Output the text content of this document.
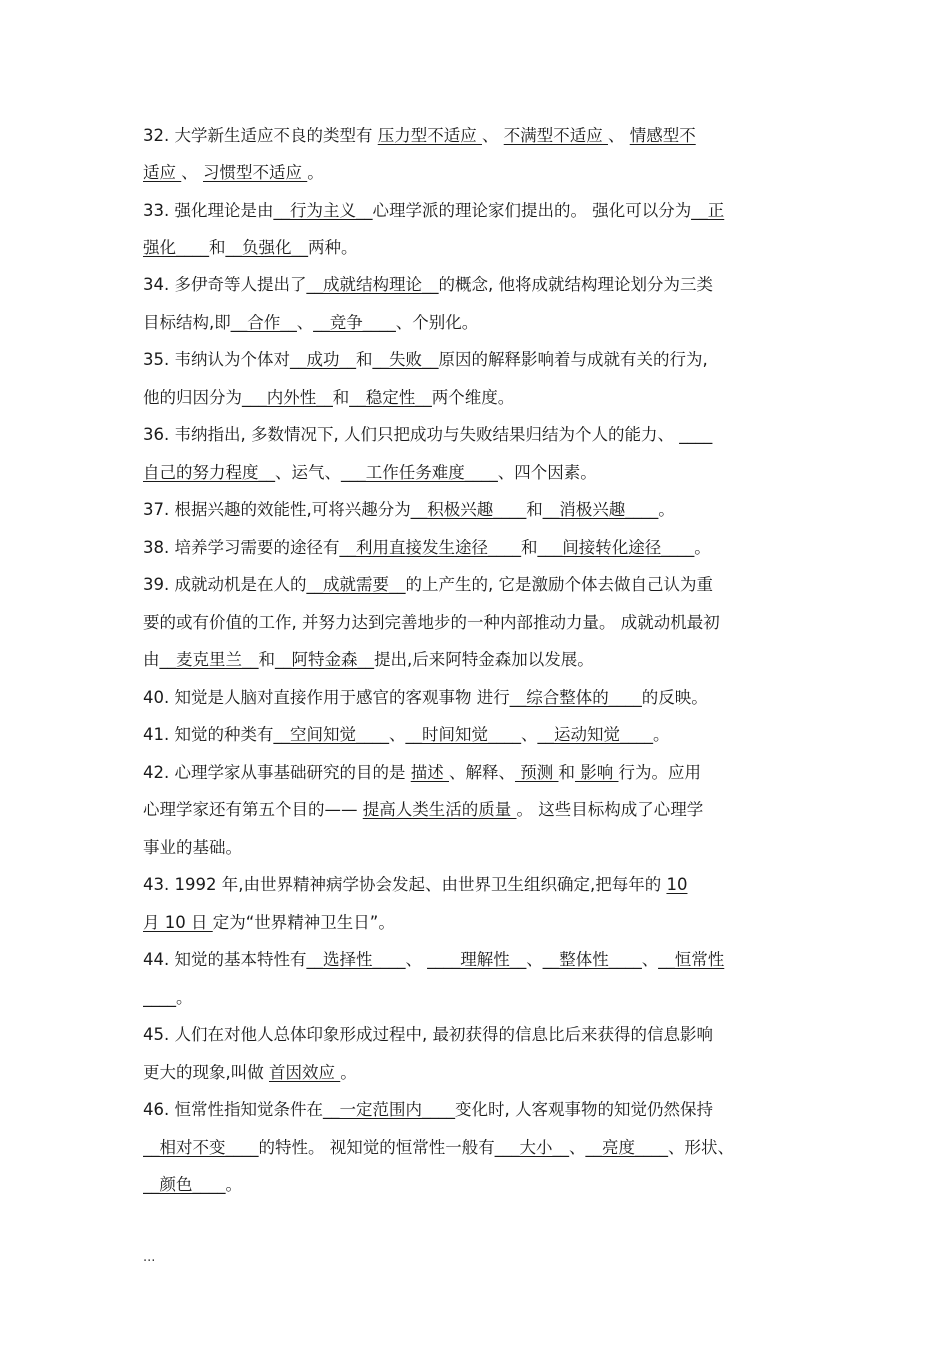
32. 大学新生适应不良的类型有 压力型不适应 、 不满型不适应 、 情感型不
适应 、 习惯型不适应 。
33. 强化理论是由__行为主义__心理学派的理论家们提出的。 强化可以分为__正
强化____和__负强化__两种。
34. 多伊奇等人提出了__成就结构理论__的概念, 他将成就结构理论划分为三类
目标结构,即__合作__、__竞争____、个别化。
35. 韦纳认为个体对__成功__和__失败__原因的解释影响着与成就有关的行为,
他的归因分为___内外性__和__稳定性__两个维度。
36. 韦纳指出, 多数情况下, 人们只把成功与失败结果归结为个人的能力、 ____
自己的努力程度__、运气、___工作任务难度____、四个因素。
37. 根据兴趣的效能性,可将兴趣分为__积极兴趣____和__消极兴趣____。
38. 培养学习需要的途径有__利用直接发生途径____和___间接转化途径____。
39. 成就动机是在人的__成就需要__的上产生的, 它是激励个体去做自己认为重
要的或有价值的工作, 并努力达到完善地步的一种内部推动力量。 成就动机最初
由__麦克里兰__和__阿特金森__提出,后来阿特金森加以发展。
40. 知觉是人脑对直接作用于感官的客观事物 进行__综合整体的____的反映。
41. 知觉的种类有__空间知觉____、__时间知觉____、__运动知觉____。
42. 心理学家从事基础研究的目的是 描述 、解释、 预测 和 影响 行为。应用
心理学家还有第五个目的—— 提高人类生活的质量 。 这些目标构成了心理学
事业的基础。
43. 1992 年,由世界精神病学协会发起、由世界卫生组织确定,把每年的 10
月 10 日 定为“世界精神卫生日”。
44. 知觉的基本特性有__选择性____、 ____理解性__、__整体性____、__恒常性
____。
45. 人们在对他人总体印象形成过程中, 最初获得的信息比后来获得的信息影响
更大的现象,叫做 首因效应 。
46. 恒常性指知觉条件在__一定范围内____变化时, 人客观事物的知觉仍然保持
__相对不变____的特性。 视知觉的恒常性一般有___大小__、__亮度____、形状、
__颜色____。
...
